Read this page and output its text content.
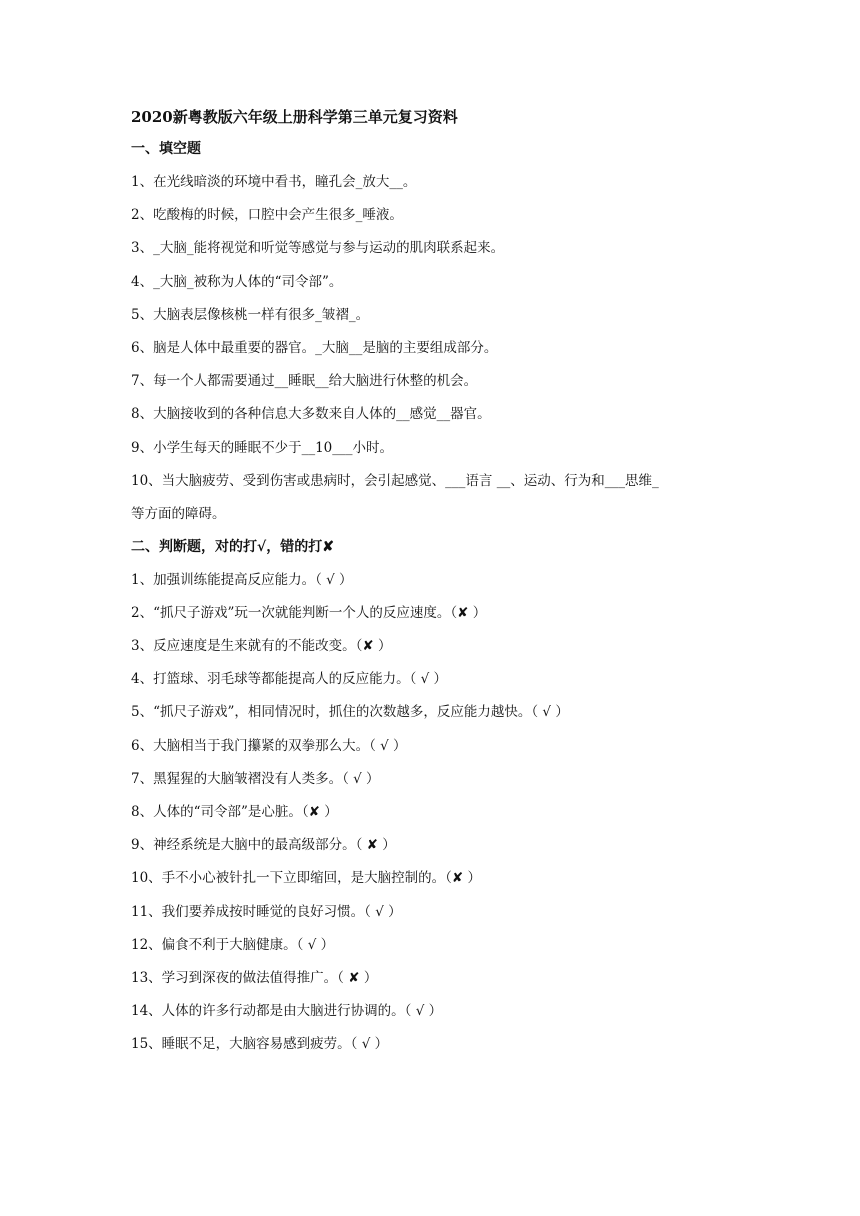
2020新粤教版六年级上册科学第三单元复习资料
一、填空题
1、在光线暗淡的环境中看书，瞳孔会_放大__。
2、吃酸梅的时候，口腔中会产生很多_唾液。
3、_大脑_能将视觉和听觉等感觉与参与运动的肌肉联系起来。
4、_大脑_被称为人体的“司令部”。
5、大脑表层像核桃一样有很多_皱褶_。
6、脑是人体中最重要的器官。_大脑__是脑的主要组成部分。
7、每一个人都需要通过__睡眠__给大脑进行休整的机会。
8、大脑接收到的各种信息大多数来自人体的__感觉__器官。
9、小学生每天的睡眠不少于__10___小时。
10、当大脑疲劳、受到伤害或患病时，会引起感觉、___语言 __、运动、行为和___思维_
等方面的障碍。
二、判断题，对的打√，错的打✘
1、加强训练能提高反应能力。（ √ ）
2、“抓尺子游戏”玩一次就能判断一个人的反应速度。（✘ ）
3、反应速度是生来就有的不能改变。（✘ ）
4、打篮球、羽毛球等都能提高人的反应能力。（ √ ）
5、“抓尺子游戏”，相同情况时，抓住的次数越多，反应能力越快。（ √ ）
6、大脑相当于我门攥紧的双拳那么大。（ √ ）
7、黑猩猩的大脑皱褶没有人类多。（ √ ）
8、人体的“司令部”是心脏。（✘ ）
9、神经系统是大脑中的最高级部分。（ ✘ ）
10、手不小心被针扎一下立即缩回，是大脑控制的。（✘ ）
11、我们要养成按时睡觉的良好习惯。（ √ ）
12、偏食不利于大脑健康。（ √ ）
13、学习到深夜的做法值得推广。（ ✘ ）
14、人体的许多行动都是由大脑进行协调的。（ √ ）
15、睡眠不足，大脑容易感到疲劳。（ √ ）
